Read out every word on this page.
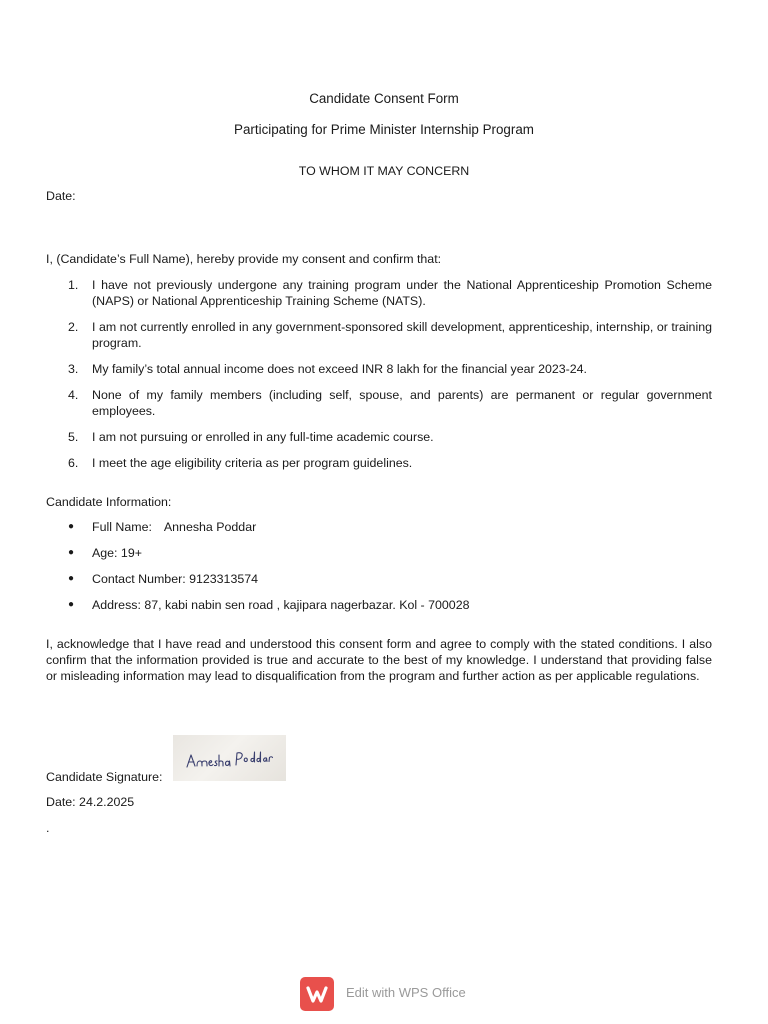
Candidate Consent Form
Participating for Prime Minister Internship Program
TO WHOM IT MAY CONCERN
Date:
I, (Candidate’s Full Name), hereby provide my consent and confirm that:
1. I have not previously undergone any training program under the National Apprenticeship Promotion Scheme (NAPS) or National Apprenticeship Training Scheme (NATS).
2. I am not currently enrolled in any government-sponsored skill development, apprenticeship, internship, or training program.
3. My family’s total annual income does not exceed INR 8 lakh for the financial year 2023-24.
4. None of my family members (including self, spouse, and parents) are permanent or regular government employees.
5. I am not pursuing or enrolled in any full-time academic course.
6. I meet the age eligibility criteria as per program guidelines.
Candidate Information:
● Full Name: Annesha Poddar
● Age: 19+
● Contact Number: 9123313574
● Address: 87, kabi nabin sen road , kajipara nagerbazar. Kol - 700028

I, acknowledge that I have read and understood this consent form and agree to comply with the stated conditions. I also confirm that the information provided is true and accurate to the best of my knowledge. I understand that providing false or misleading information may lead to disqualification from the program and further action as per applicable regulations.

Candidate Signature:
Date: 24.2.2025
.
Edit with WPS Office
